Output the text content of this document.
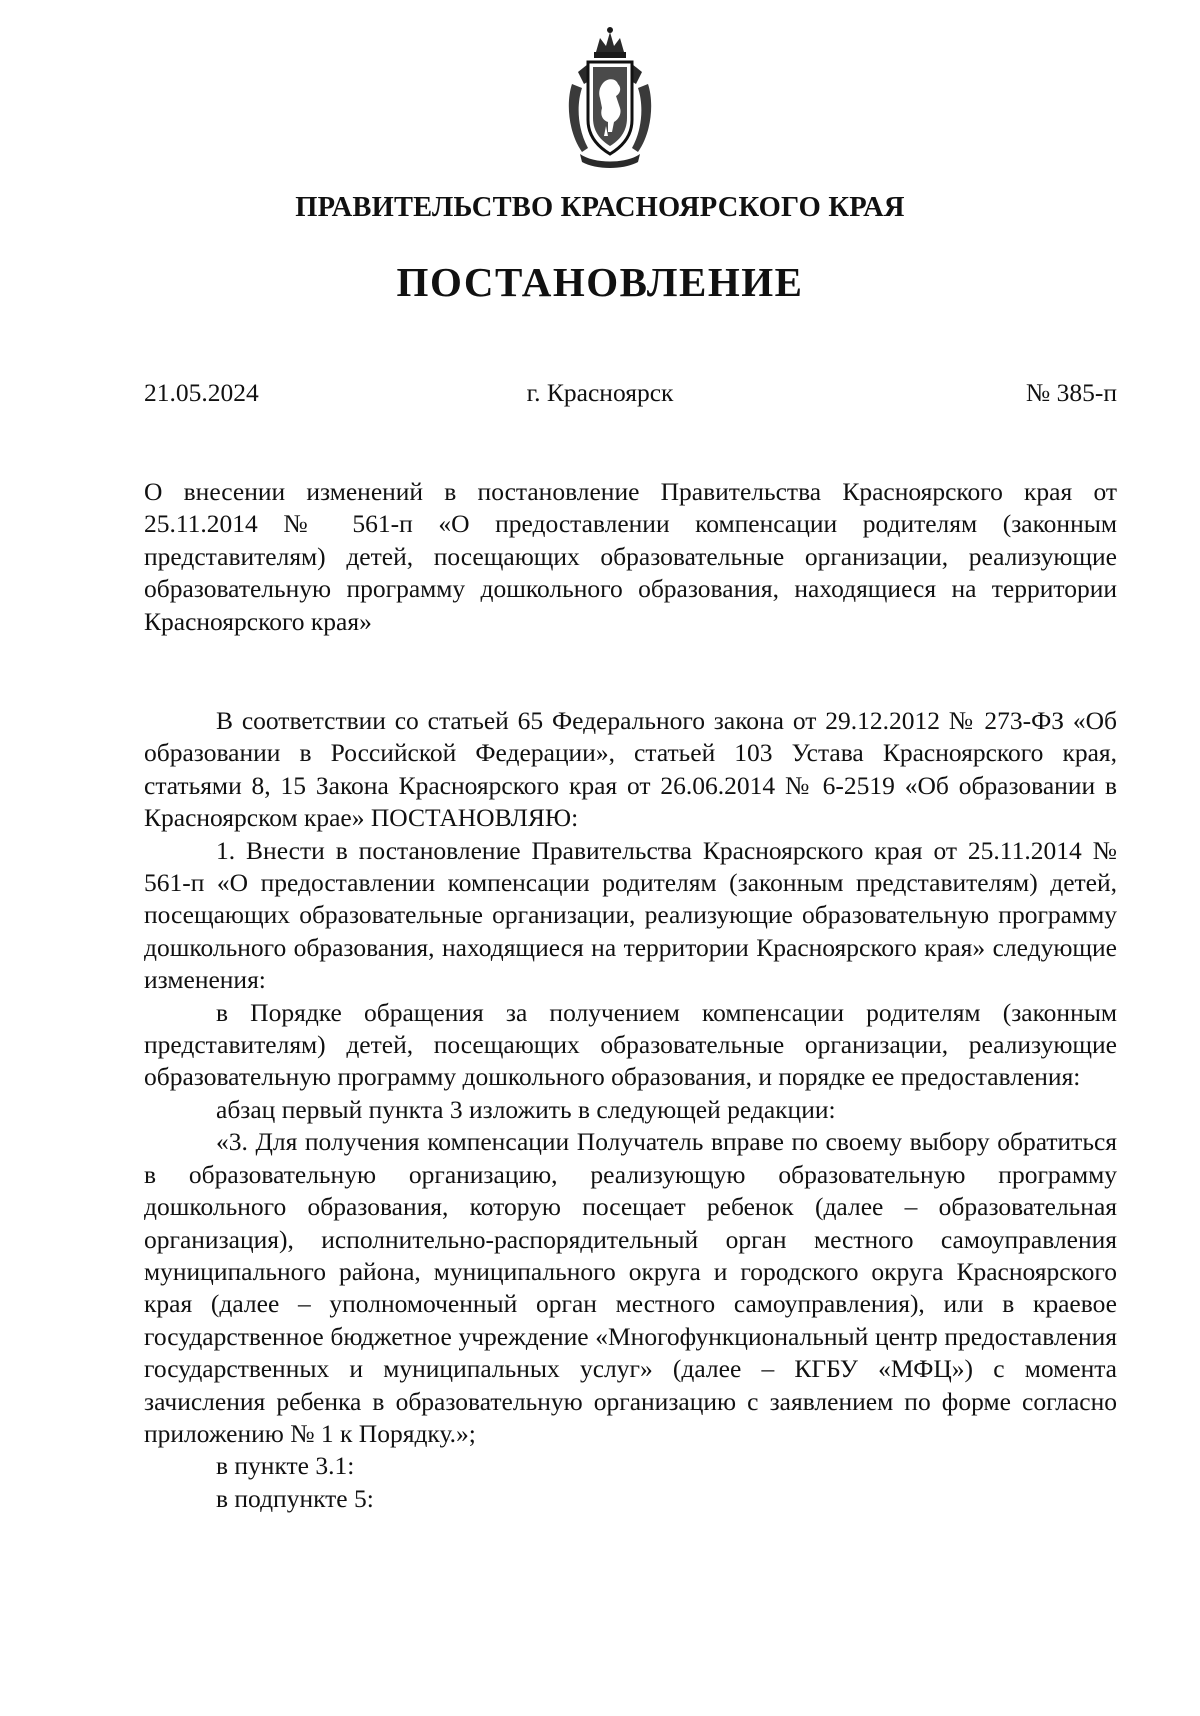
ПРАВИТЕЛЬСТВО КРАСНОЯРСКОГО КРАЯ
ПОСТАНОВЛЕНИЕ
21.05.2024	г. Красноярск	№ 385-п
О внесении изменений в постановление Правительства Красноярского края от 25.11.2014 № 561-п «О предоставлении компенсации родителям (законным представителям) детей, посещающих образовательные организации, реализующие образовательную программу дошкольного образования, находящиеся на территории Красноярского края»

В соответствии со статьей 65 Федерального закона от 29.12.2012 № 273-ФЗ «Об образовании в Российской Федерации», статьей 103 Устава Красноярского края, статьями 8, 15 Закона Красноярского края от 26.06.2014 № 6-2519 «Об образовании в Красноярском крае» ПОСТАНОВЛЯЮ:

1. Внести в постановление Правительства Красноярского края от 25.11.2014 № 561-п «О предоставлении компенсации родителям (законным представителям) детей, посещающих образовательные организации, реализующие образовательную программу дошкольного образования, находящиеся на территории Красноярского края» следующие изменения:

в Порядке обращения за получением компенсации родителям (законным представителям) детей, посещающих образовательные организации, реализующие образовательную программу дошкольного образования, и порядке ее предоставления:

абзац первый пункта 3 изложить в следующей редакции:

«3. Для получения компенсации Получатель вправе по своему выбору обратиться в образовательную организацию, реализующую образовательную программу дошкольного образования, которую посещает ребенок (далее – образовательная организация), исполнительно-распорядительный орган местного самоуправления муниципального района, муниципального округа и городского округа Красноярского края (далее – уполномоченный орган местного самоуправления), или в краевое государственное бюджетное учреждение «Многофункциональный центр предоставления государственных и муниципальных услуг» (далее – КГБУ «МФЦ») с момента зачисления ребенка в образовательную организацию с заявлением по форме согласно приложению № 1 к Порядку.»;

в пункте 3.1:

в подпункте 5:
